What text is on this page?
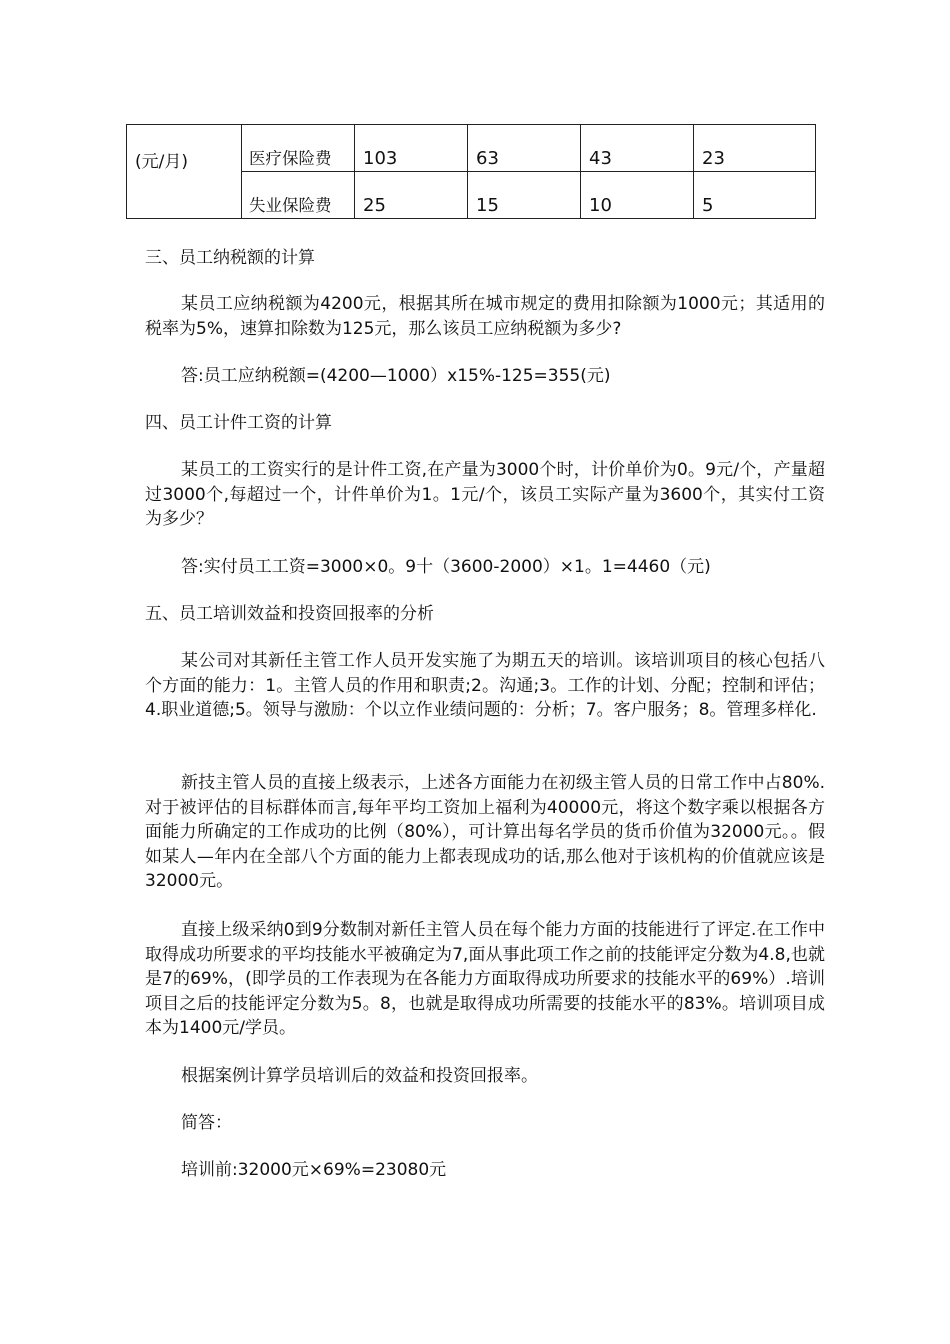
(元/月)	医疗保险费	103	63	43	23
	失业保险费	25	15	10	5
三、员工纳税额的计算
某员工应纳税额为4200元，根据其所在城市规定的费用扣除额为1000元；其适用的税率为5%，速算扣除数为125元，那么该员工应纳税额为多少?
答:员工应纳税额=(4200—1000）x15%-125=355(元)
四、员工计件工资的计算
某员工的工资实行的是计件工资,在产量为3000个时，计价单价为0。9元/个，产量超过3000个,每超过一个，计件单价为1。1元/个，该员工实际产量为3600个，其实付工资为多少？
答:实付员工工资=3000×0。9十（3600-2000）×1。1=4460（元)
五、员工培训效益和投资回报率的分析
某公司对其新任主管工作人员开发实施了为期五天的培训。该培训项目的核心包括八个方面的能力：1。主管人员的作用和职责;2。沟通;3。工作的计划、分配；控制和评估；4.职业道德;5。领导与激励：个以立作业绩问题的：分析；7。客户服务；8。管理多样化.
新技主管人员的直接上级表示，上述各方面能力在初级主管人员的日常工作中占80%.对于被评估的目标群体而言,每年平均工资加上福利为40000元，将这个数字乘以根据各方面能力所确定的工作成功的比例（80%），可计算出每名学员的货币价值为32000元。。假如某人—年内在全部八个方面的能力上都表现成功的话,那么他对于该机构的价值就应该是32000元。
直接上级采纳0到9分数制对新任主管人员在每个能力方面的技能进行了评定.在工作中取得成功所要求的平均技能水平被确定为7,面从事此项工作之前的技能评定分数为4.8,也就是7的69%，(即学员的工作表现为在各能力方面取得成功所要求的技能水平的69%）.培训项目之后的技能评定分数为5。8，也就是取得成功所需要的技能水平的83%。培训项目成本为1400元/学员。
根据案例计算学员培训后的效益和投资回报率。
简答：
培训前:32000元×69%=23080元
